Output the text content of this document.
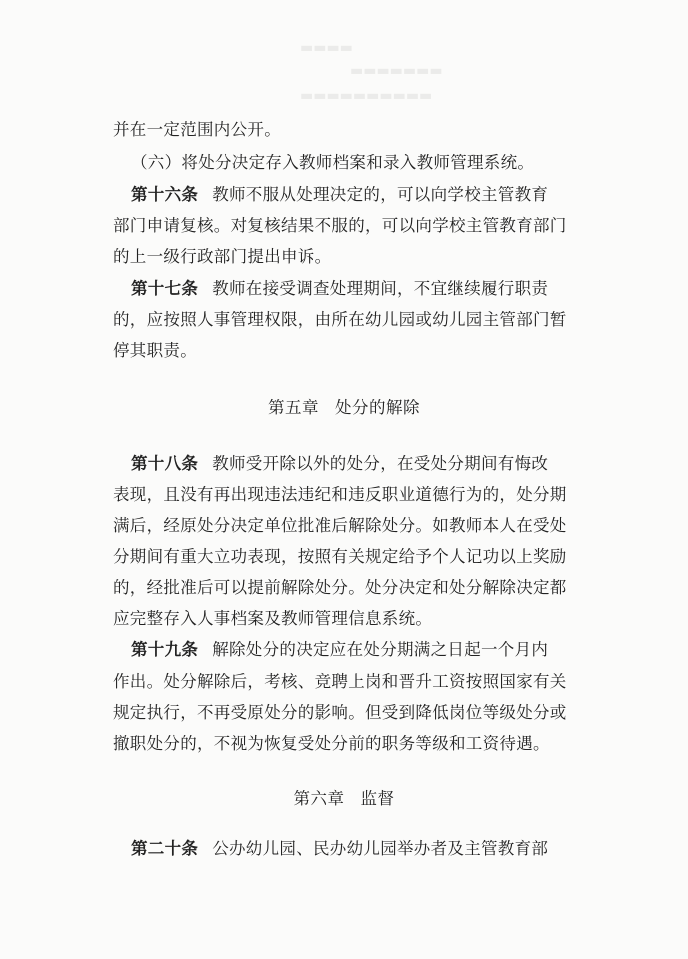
▬▬▬▬
▬▬▬▬▬▬▬
▬▬▬▬▬▬▬▬▬▬
并在一定范围内公开。
（六）将处分决定存入教师档案和录入教师管理系统。
第十六条 教师不服从处理决定的，可以向学校主管教育
部门申请复核。对复核结果不服的，可以向学校主管教育部门
的上一级行政部门提出申诉。
第十七条 教师在接受调查处理期间，不宜继续履行职责
的，应按照人事管理权限，由所在幼儿园或幼儿园主管部门暂
停其职责。
第五章 处分的解除
第十八条 教师受开除以外的处分，在受处分期间有悔改
表现，且没有再出现违法违纪和违反职业道德行为的，处分期
满后，经原处分决定单位批准后解除处分。如教师本人在受处
分期间有重大立功表现，按照有关规定给予个人记功以上奖励
的，经批准后可以提前解除处分。处分决定和处分解除决定都
应完整存入人事档案及教师管理信息系统。
第十九条 解除处分的决定应在处分期满之日起一个月内
作出。处分解除后，考核、竞聘上岗和晋升工资按照国家有关
规定执行，不再受原处分的影响。但受到降低岗位等级处分或
撤职处分的，不视为恢复受处分前的职务等级和工资待遇。
第六章 监督
第二十条 公办幼儿园、民办幼儿园举办者及主管教育部
